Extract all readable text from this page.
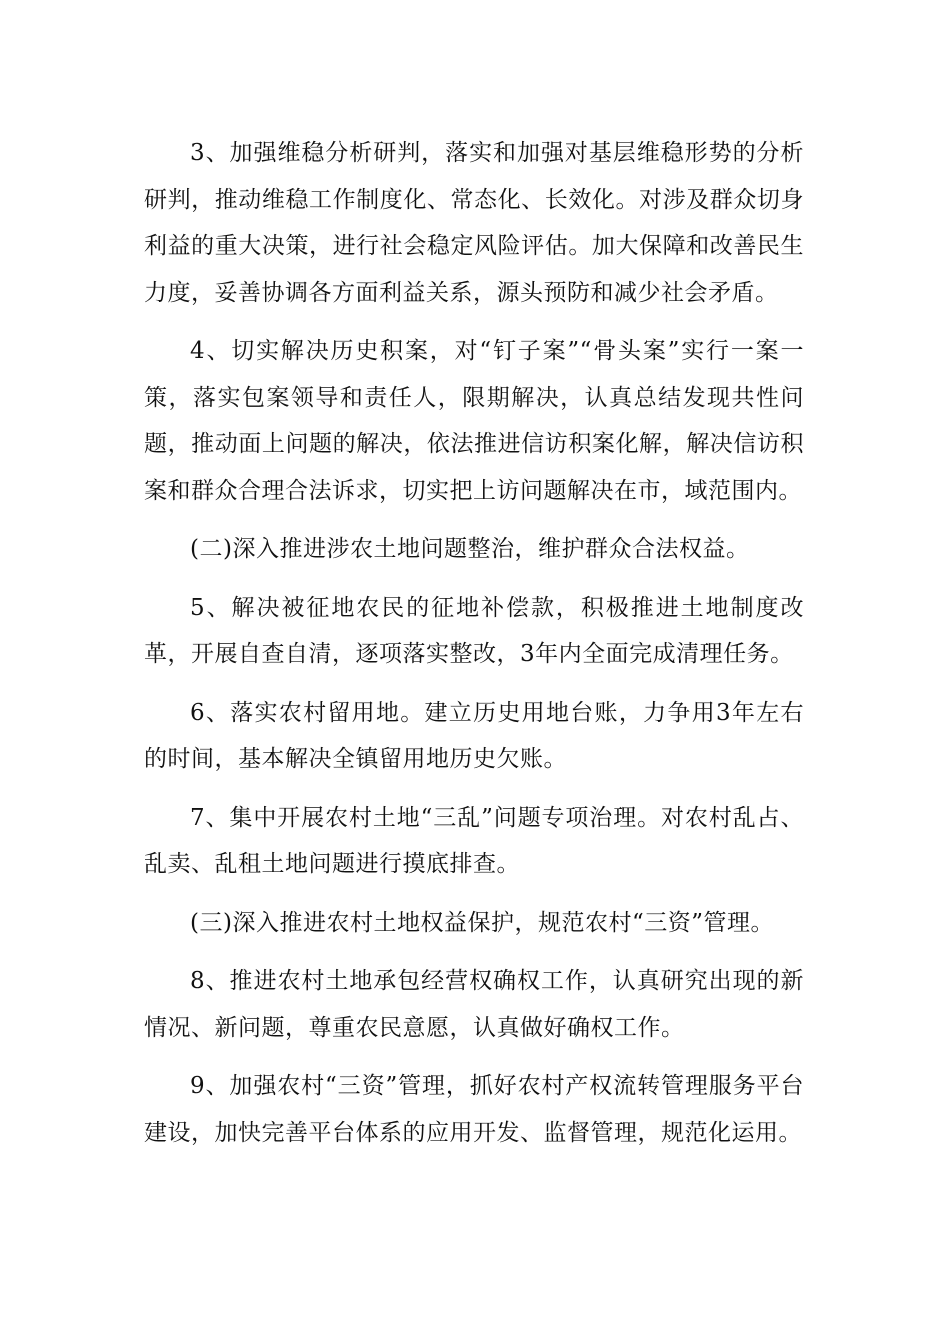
3、加强维稳分析研判，落实和加强对基层维稳形势的分析研判，推动维稳工作制度化、常态化、长效化。对涉及群众切身利益的重大决策，进行社会稳定风险评估。加大保障和改善民生力度，妥善协调各方面利益关系，源头预防和减少社会矛盾。

4、切实解决历史积案，对“钉子案”“骨头案”实行一案一策，落实包案领导和责任人，限期解决，认真总结发现共性问题，推动面上问题的解决，依法推进信访积案化解，解决信访积案和群众合理合法诉求，切实把上访问题解决在市，域范围内。

(二)深入推进涉农土地问题整治，维护群众合法权益。

5、解决被征地农民的征地补偿款，积极推进土地制度改革，开展自查自清，逐项落实整改，3年内全面完成清理任务。

6、落实农村留用地。建立历史用地台账，力争用3年左右的时间，基本解决全镇留用地历史欠账。

7、集中开展农村土地“三乱”问题专项治理。对农村乱占、乱卖、乱租土地问题进行摸底排查。

(三)深入推进农村土地权益保护，规范农村“三资”管理。

8、推进农村土地承包经营权确权工作，认真研究出现的新情况、新问题，尊重农民意愿，认真做好确权工作。

9、加强农村“三资”管理，抓好农村产权流转管理服务平台建设，加快完善平台体系的应用开发、监督管理，规范化运用。
